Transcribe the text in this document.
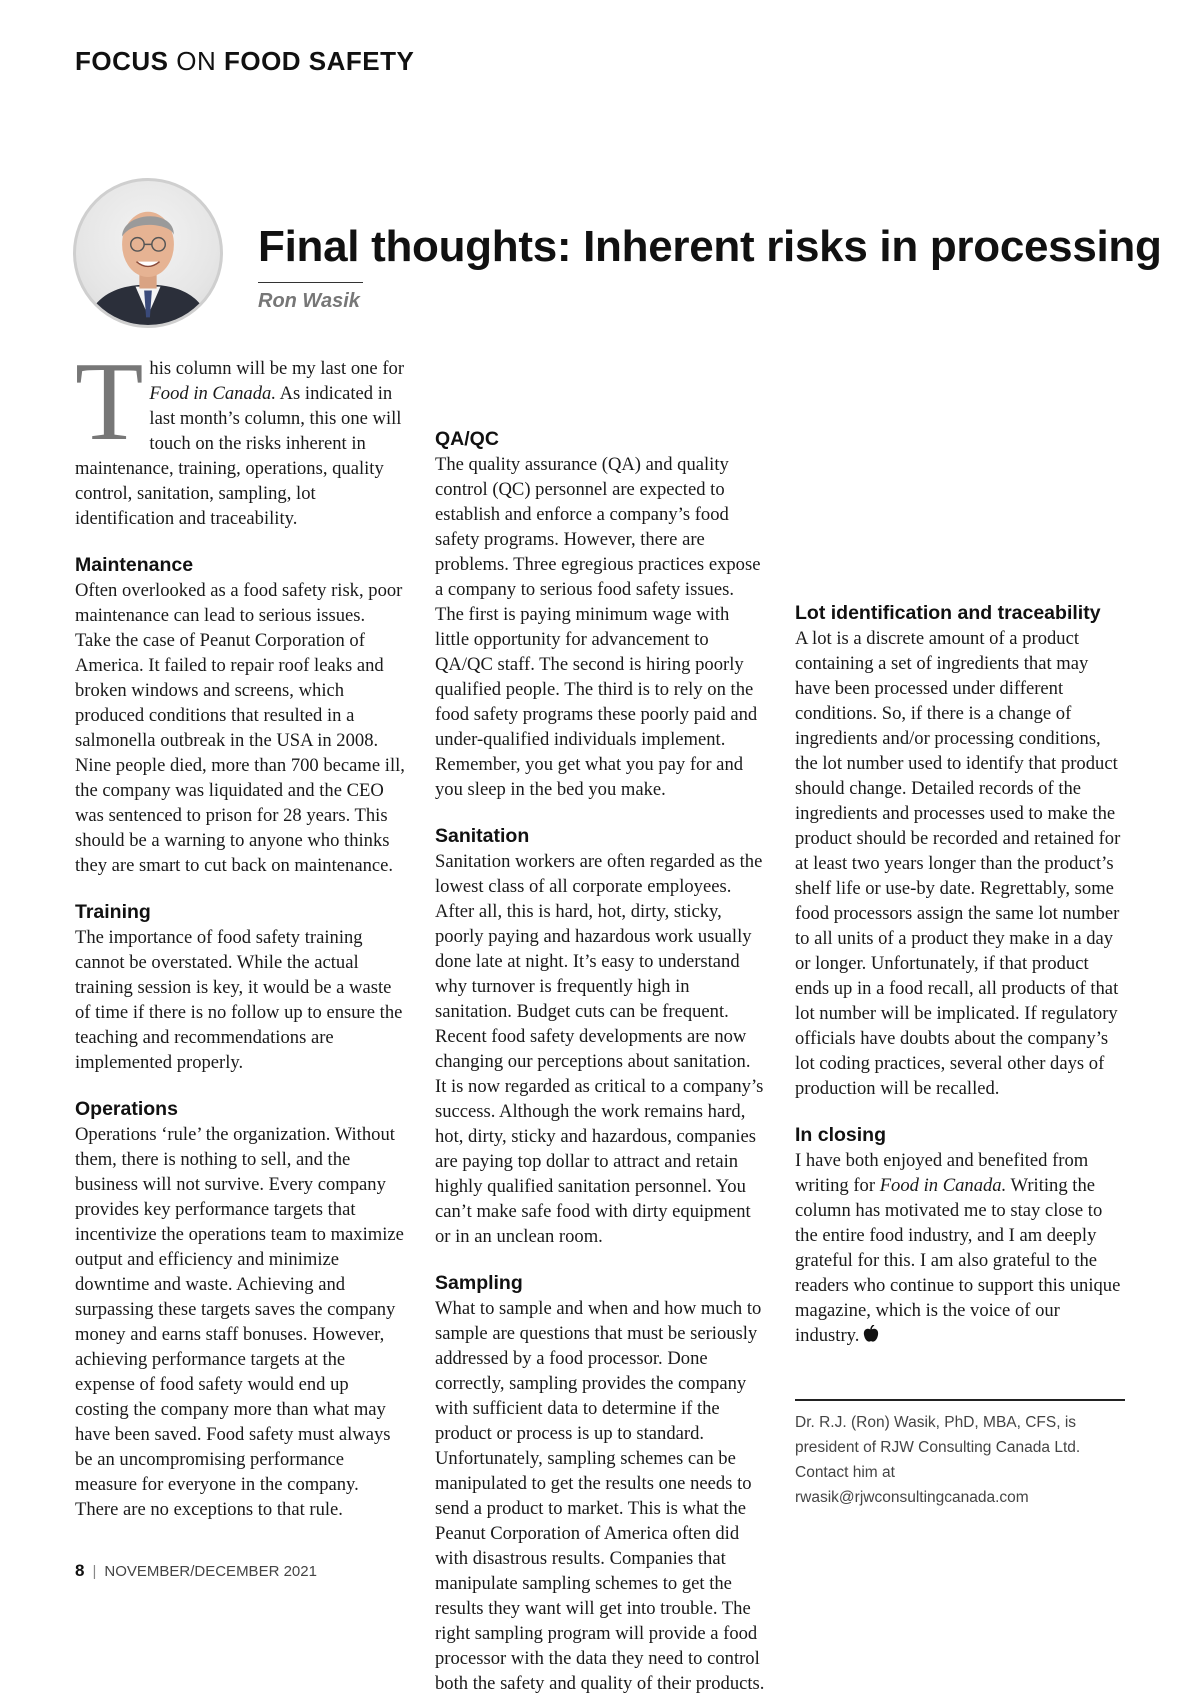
FOCUS ON FOOD SAFETY
Final thoughts: Inherent risks in processing
Ron Wasik

This column will be my last one for Food in Canada. As indicated in last month’s column, this one will touch on the risks inherent in maintenance, training, operations, quality control, sanitation, sampling, lot identification and traceability.

Maintenance

Often overlooked as a food safety risk, poor maintenance can lead to serious issues. Take the case of Peanut Corporation of America. It failed to repair roof leaks and broken windows and screens, which produced conditions that resulted in a salmonella outbreak in the USA in 2008. Nine people died, more than 700 became ill, the company was liquidated and the CEO was sentenced to prison for 28 years. This should be a warning to anyone who thinks they are smart to cut back on maintenance.

Training

The importance of food safety training cannot be overstated. While the actual training session is key, it would be a waste of time if there is no follow up to ensure the teaching and recommendations are implemented properly.

Operations

Operations ‘rule’ the organization. Without them, there is nothing to sell, and the business will not survive. Every company provides key performance targets that incentivize the operations team to maximize output and efficiency and minimize downtime and waste. Achieving and surpassing these targets saves the company money and earns staff bonuses. However, achieving performance targets at the expense of food safety would end up costing the company more than what may have been saved. Food safety must always be an uncompromising performance measure for everyone in the company. There are no exceptions to that rule.

QA/QC

The quality assurance (QA) and quality control (QC) personnel are expected to establish and enforce a company’s food safety programs. However, there are problems. Three egregious practices expose a company to serious food safety issues. The first is paying minimum wage with little opportunity for advancement to QA/QC staff. The second is hiring poorly qualified people. The third is to rely on the food safety programs these poorly paid and under-qualified individuals implement. Remember, you get what you pay for and you sleep in the bed you make.

Sanitation

Sanitation workers are often regarded as the lowest class of all corporate employees. After all, this is hard, hot, dirty, sticky, poorly paying and hazardous work usually done late at night. It’s easy to understand why turnover is frequently high in sanitation. Budget cuts can be frequent. Recent food safety developments are now changing our perceptions about sanitation. It is now regarded as critical to a company’s success. Although the work remains hard, hot, dirty, sticky and hazardous, companies are paying top dollar to attract and retain highly qualified sanitation personnel. You can’t make safe food with dirty equipment or in an unclean room.

Sampling

What to sample and when and how much to sample are questions that must be seriously addressed by a food processor. Done correctly, sampling provides the company with sufficient data to determine if the product or process is up to standard. Unfortunately, sampling schemes can be manipulated to get the results one needs to send a product to market. This is what the Peanut Corporation of America often did with disastrous results. Companies that manipulate sampling schemes to get the results they want will get into trouble. The right sampling program will provide a food processor with the data they need to control both the safety and quality of their products.

Lot identification and traceability

A lot is a discrete amount of a product containing a set of ingredients that may have been processed under different conditions. So, if there is a change of ingredients and/or processing conditions, the lot number used to identify that product should change. Detailed records of the ingredients and processes used to make the product should be recorded and retained for at least two years longer than the product’s shelf life or use-by date. Regrettably, some food processors assign the same lot number to all units of a product they make in a day or longer. Unfortunately, if that product ends up in a food recall, all products of that lot number will be implicated. If regulatory officials have doubts about the company’s lot coding practices, several other days of production will be recalled.

In closing

I have both enjoyed and benefited from writing for Food in Canada. Writing the column has motivated me to stay close to the entire food industry, and I am deeply grateful for this. I am also grateful to the readers who continue to support this unique magazine, which is the voice of our industry.

Dr. R.J. (Ron) Wasik, PhD, MBA, CFS, is president of RJW Consulting Canada Ltd. Contact him at rwasik@rjwconsultingcanada.com
8 | NOVEMBER/DECEMBER 2021
